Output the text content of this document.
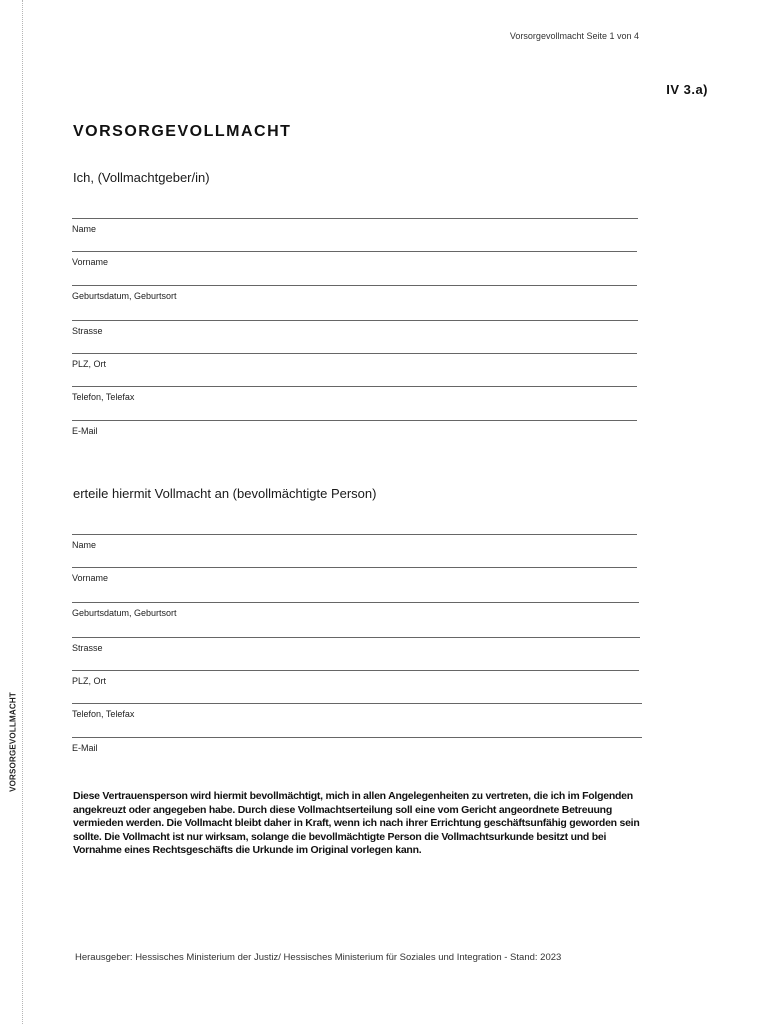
VORSORGEVOLLMACHT
Vorsorgevollmacht Seite 1 von 4
IV 3.a)
VORSORGEVOLLMACHT
Ich, (Vollmachtgeber/in)
Name
Vorname
Geburtsdatum, Geburtsort
Strasse
PLZ, Ort
Telefon, Telefax
E-Mail
erteile hiermit Vollmacht an (bevollmächtigte Person)
Name
Vorname
Geburtsdatum, Geburtsort
Strasse
PLZ, Ort
Telefon, Telefax
E-Mail
Diese Vertrauensperson wird hiermit bevollmächtigt, mich in allen Angelegenheiten zu vertreten, die ich im Folgenden angekreuzt oder angegeben habe. Durch diese Vollmachtserteilung soll eine vom Gericht angeordnete Betreuung vermieden werden. Die Vollmacht bleibt daher in Kraft, wenn ich nach ihrer Errichtung geschäftsunfähig geworden sein sollte. Die Vollmacht ist nur wirksam, solange die bevollmächtigte Person die Vollmachtsurkunde besitzt und bei Vornahme eines Rechtsgeschäfts die Urkunde im Original vorlegen kann.
Herausgeber: Hessisches Ministerium der Justiz/ Hessisches Ministerium für Soziales und Integration - Stand: 2023
